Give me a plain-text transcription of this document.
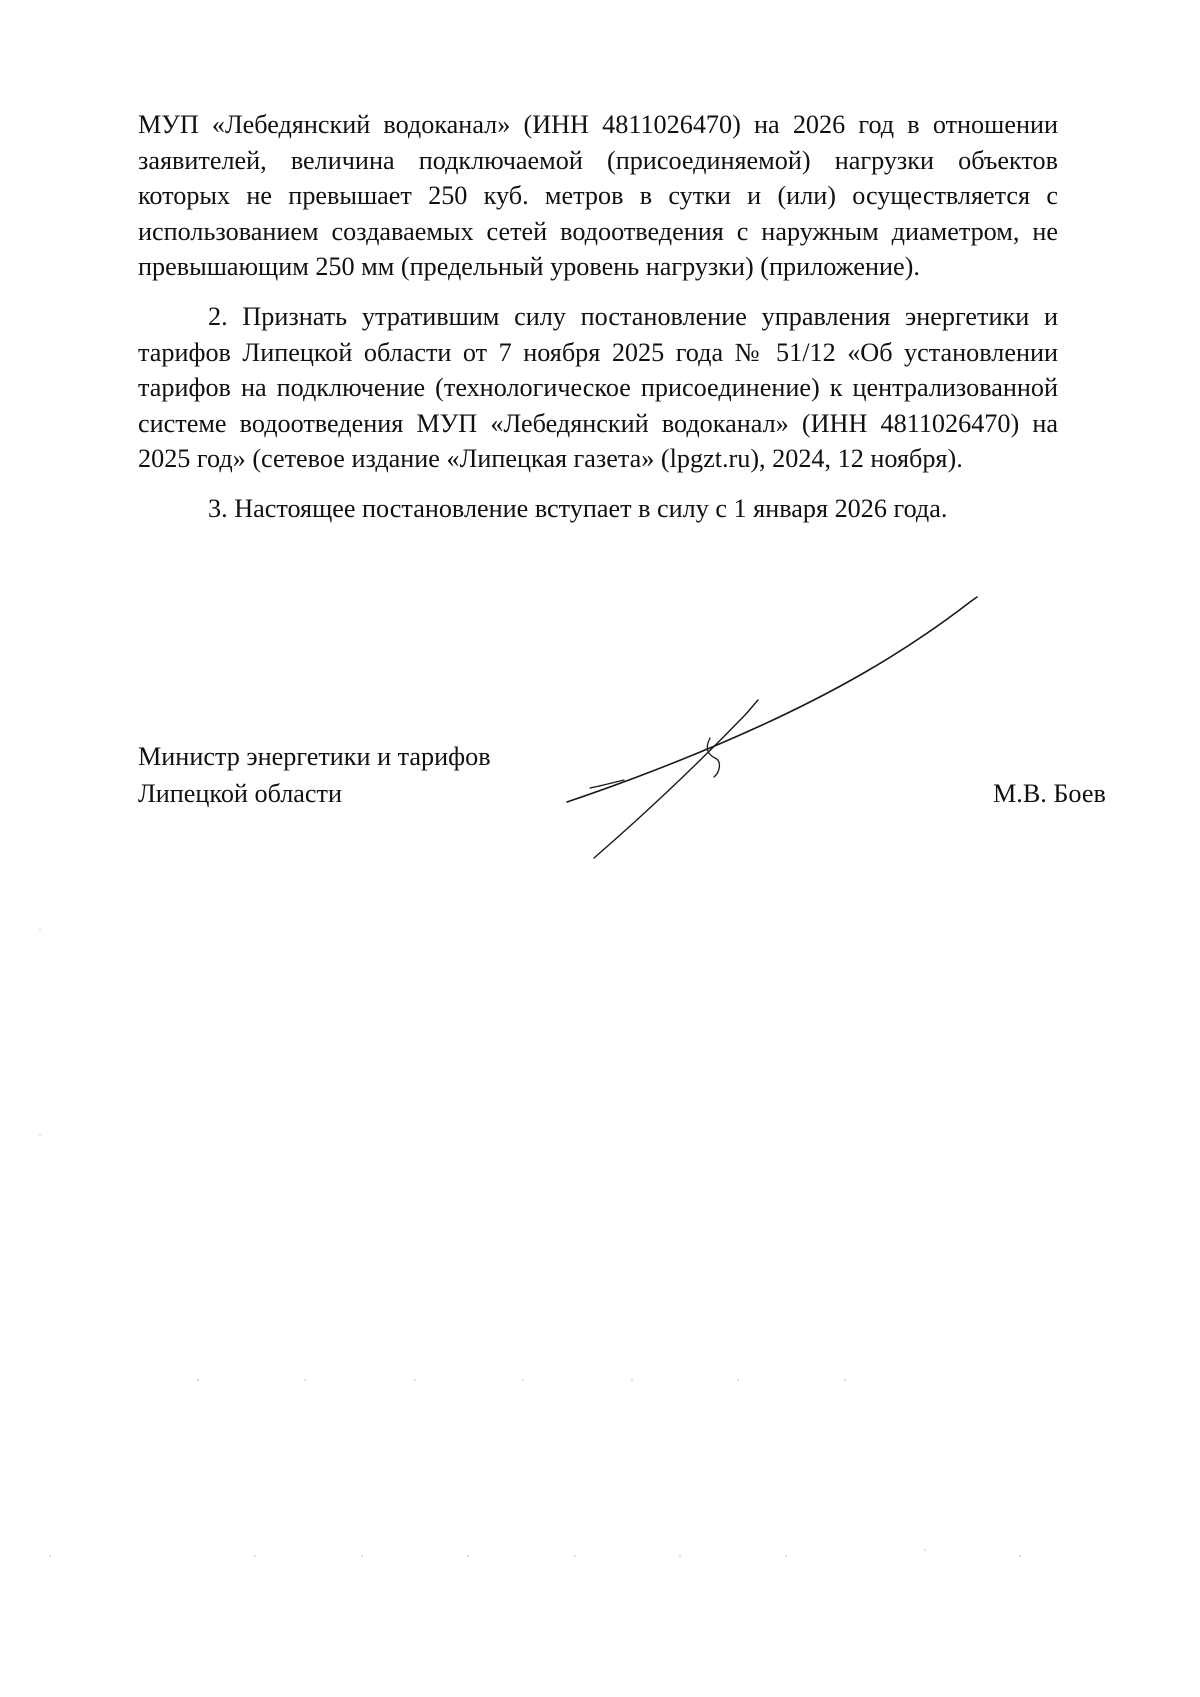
МУП «Лебедянский водоканал» (ИНН 4811026470) на 2026 год в отношении заявителей, величина подключаемой (присоединяемой) нагрузки объектов которых не превышает 250 куб. метров в сутки и (или) осуществляется с использованием создаваемых сетей водоотведения с наружным диаметром, не превышающим 250 мм (предельный уровень нагрузки) (приложение).

2. Признать утратившим силу постановление управления энергетики и тарифов Липецкой области от 7 ноября 2025 года № 51/12 «Об установлении тарифов на подключение (технологическое присоединение) к централизованной системе водоотведения МУП «Лебедянский водоканал» (ИНН 4811026470) на 2025 год» (сетевое издание «Липецкая газета» (lpgzt.ru), 2024, 12 ноября).

3. Настоящее постановление вступает в силу с 1 января 2026 года.

Министр энергетики и тарифов
Липецкой области	М.В. Боев
